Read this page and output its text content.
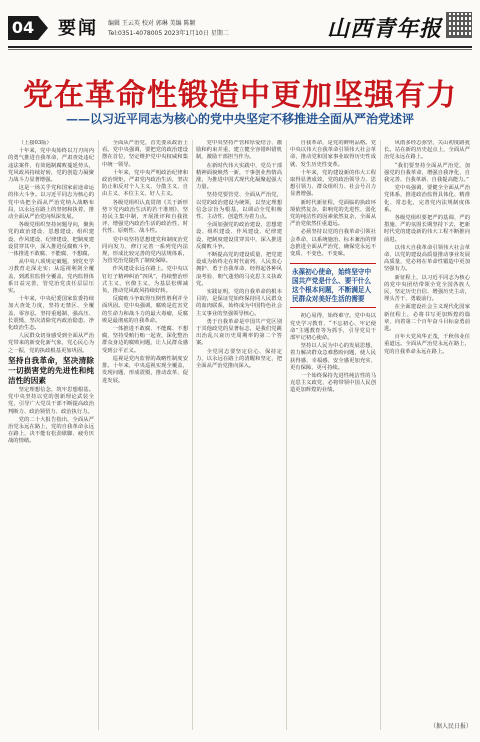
04 要闻 编辑 王云英 校对 郭琳 美编 陈颖
Tel:0351-4078005 2023年1月10日 星期二	山西青年报
党在革命性锻造中更加坚强有力
——以习近平同志为核心的党中央坚定不移推进全面从严治党述评

（上接03版）

十年来，党中央始终以刀刃向内的勇气推进自我革命，严肃查处违纪违法案件，有效遏制腐败蔓延势头，党风政风持续好转，党的创造力凝聚力战斗力显著增强。

这是一场关乎党和国家前途命运的伟大斗争。以习近平同志为核心的党中央把全面从严治党纳入战略布局，以永远在路上的坚韧和执着，推动全面从严治党向纵深发展。

各级党组织坚持问题导向，聚焦党的政治建设、思想建设、组织建设、作风建设、纪律建设，把制度建设贯穿其中，深入推进反腐败斗争，一体推进不敢腐、不能腐、不想腐。

从中央八项规定破题，到党史学习教育走深走实；从巡视利剑全覆盖，到派驻监督全覆盖，党内监督体系日益完善，管党治党责任层层压实。

十年来，中央纪委国家监委持续加大查处力度，坚持无禁区、全覆盖、零容忍，坚持重遏制、强高压、长震慑，坚决清除党内政治隐患，净化政治生态。

人民群众切身感受到全面从严治党带来的新变化新气象，党心民心为之一振，党的执政根基更加巩固。

坚持自我革命，坚决清除一切损害党的先进性和纯洁性的因素

坚定理想信念，筑牢思想根基。党中央坚持以党的创新理论武装全党，引导广大党员干部不断提高政治判断力、政治领悟力、政治执行力。

党的二十大报告指出，全面从严治党永远在路上，党的自我革命永远在路上，决不能有松劲歇脚、疲劳厌战的情绪。

全面从严治党，首先要从政治上看。党中央强调，要把党的政治建设摆在首位，坚定维护党中央权威和集中统一领导。

十年来，党中央严明政治纪律和政治规矩，严肃党内政治生活，坚决防止和反对个人主义、分散主义、自由主义、本位主义、好人主义。

各级党组织认真贯彻《关于新形势下党内政治生活的若干准则》，坚持民主集中制，开展批评和自我批评，增强党内政治生活的政治性、时代性、原则性、战斗性。

党中央坚持思想建党和制度治党同向发力，修订完善一系列党内法规，形成比较完善的党内法规体系，为管党治党提供了制度保障。

作风建设永远在路上。党中央以钉钉子精神纠治“四风”，持续整治形式主义、官僚主义，为基层松绑减负，推动党风政风持续好转。

反腐败斗争取得压倒性胜利并全面巩固。党中央强调，腐败是危害党的生命力和战斗力的最大毒瘤，反腐败是最彻底的自我革命。

一体推进不敢腐、不能腐、不想腐，坚持受贿行贿一起查，深化整治群众身边的腐败问题，让人民群众感受到公平正义。

巡视是党内监督的战略性制度安排。十年来，中央巡视实现全覆盖，发现问题、形成震慑，推动改革、促进发展。

党中央坚持严管和厚爱结合、激励和约束并重，建立健全容错纠错机制，激励干部担当作为。

在新时代伟大实践中，党员干部精神面貌焕然一新，干事创业热情高涨，为推进中国式现代化凝聚起强大力量。

坚持党要管党、全面从严治党，以党的政治建设为统领，以坚定理想信念宗旨为根基，以调动全党积极性、主动性、创造性为着力点。

全面加强党的政治建设、思想建设、组织建设、作风建设、纪律建设，把制度建设贯穿其中，深入推进反腐败斗争。

不断提高党的建设质量，把党建设成为始终走在时代前列、人民衷心拥护、勇于自我革命、经得起各种风浪考验、朝气蓬勃的马克思主义执政党。

实践证明，党的自我革命的根本目的，是保证党始终保持同人民群众的血肉联系，始终成为中国特色社会主义事业的坚强领导核心。

勇于自我革命是中国共产党区别于其他政党的显著标志，是我们党跳出治乱兴衰历史周期率的第二个答案。

全党同志要坚定信心、保持定力，以永远在路上的清醒和坚定，把全面从严治党推向深入。

自我革命，是党的鲜明品格。党中央以伟大自我革命引领伟大社会革命，推动党和国家事业取得历史性成就、发生历史性变革。

十年来，党的建设新的伟大工程取得显著成效，党的政治领导力、思想引领力、群众组织力、社会号召力显著增强。

新时代新征程，党面临的执政环境依然复杂，影响党的先进性、弱化党的纯洁性的因素依然复杂，全面从严治党依然任重道远。

必须坚持以党的自我革命引领社会革命，以系统施治、标本兼治的理念推进全面从严治党，确保党永远不变质、不变色、不变味。

永葆初心使命，始终坚守中国共产党是什么、要干什么这个根本问题，不断满足人民群众对美好生活的需要

初心易得，始终难守。党中央以党史学习教育、“不忘初心、牢记使命”主题教育等为抓手，引导党员干部牢记初心使命。

坚持以人民为中心的发展思想，着力解决群众急难愁盼问题，使人民获得感、幸福感、安全感更加充实、更有保障、更可持续。

一个始终保持先进性纯洁性的马克思主义政党，必将带领中国人民创造更加辉煌的业绩。

风雨多经志弥坚，关山初度路犹长。站在新的历史起点上，全面从严治党永远在路上。

“我们要坚持全面从严治党，加强党的自我革命，增强自我净化、自我完善、自我革新、自我提高能力。”

党中央强调，要健全全面从严治党体系，推进政治监督具体化、精准化、常态化，完善党内法规制度体系。

各级党组织要把严的基调、严的措施、严的氛围长期坚持下去，把新时代党的建设新的伟大工程不断推向前进。

以伟大自我革命引领伟大社会革命，以党的建设高质量推动事业发展高质量，党必将在革命性锻造中更加坚强有力。

新征程上，以习近平同志为核心的党中央团结带领全党全国各族人民，坚定历史自信、增强历史主动，埋头苦干、勇毅前行。

在全面建设社会主义现代化国家新征程上，必将书写更加辉煌的篇章，向着第二个百年奋斗目标奋勇前进。

百年大党风华正茂，千秋伟业任重道远。全面从严治党永远在路上，党的自我革命永远在路上。

（据人民日报）
